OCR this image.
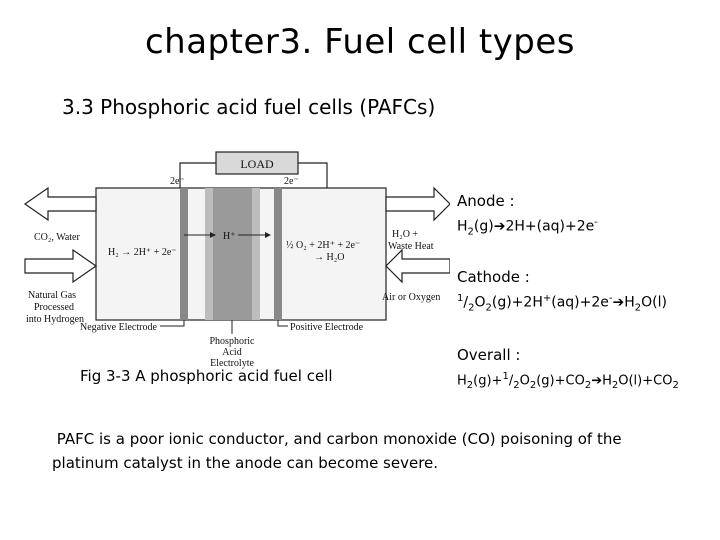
chapter3. Fuel cell types
3.3 Phosphoric acid fuel cells (PAFCs)
LOAD
2e⁻	2e⁻
CO₂, Water
Natural Gas
Processed
into Hydrogen
H₂O +
Waste Heat
Air or Oxygen
H₂ → 2H⁺ + 2e⁻
H⁺
½ O₂ + 2H⁺ + 2e⁻
→ H₂O
Negative Electrode	Positive Electrode
Phosphoric
Acid
Electrolyte
Fig 3-3 A phosphoric acid fuel cell
Anode :
$H_2(g)➔2H+(aq)+2e^-$
Cathode :
$^1/_2O_2(g)+2H^+(aq)+2e^-➔H_2O(l)$
Overall :
$H_2(g)+^1/_2O_2(g)+CO_2➔H_2O(l)+CO_2$
PAFC is a poor ionic conductor, and carbon monoxide (CO) poisoning of the platinum catalyst in the anode can become severe.
